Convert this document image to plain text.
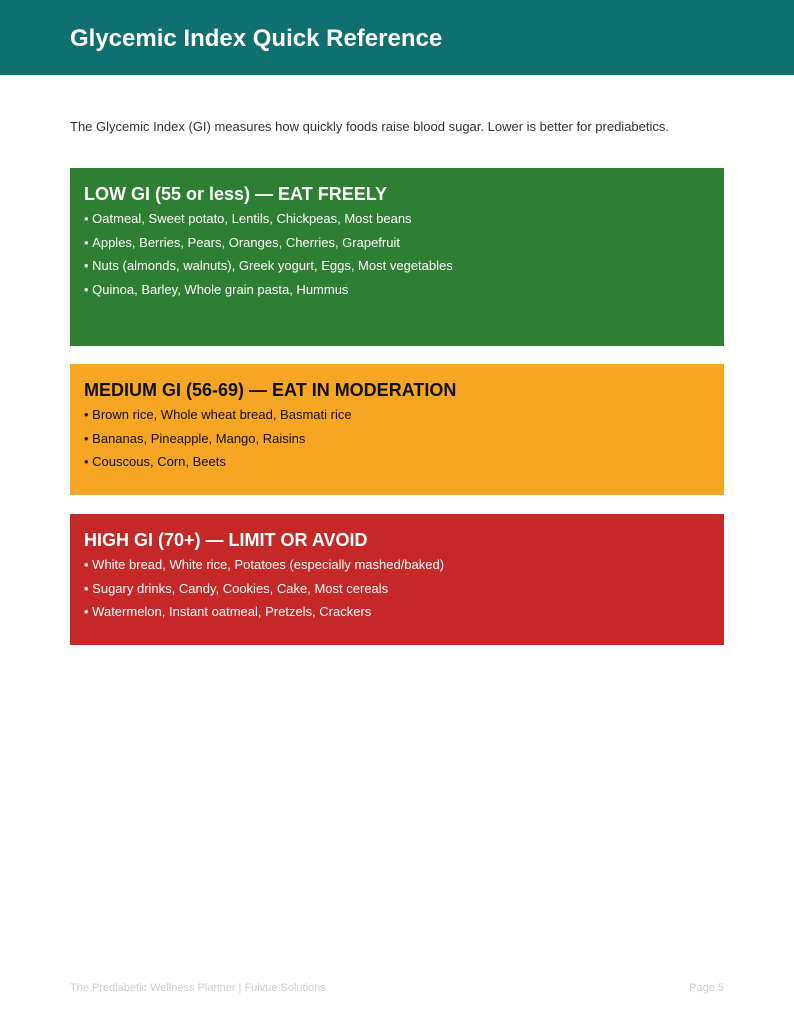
Glycemic Index Quick Reference

The Glycemic Index (GI) measures how quickly foods raise blood sugar. Lower is better for prediabetics.

LOW GI (55 or less) — EAT FREELY
• Oatmeal, Sweet potato, Lentils, Chickpeas, Most beans
• Apples, Berries, Pears, Oranges, Cherries, Grapefruit
• Nuts (almonds, walnuts), Greek yogurt, Eggs, Most vegetables
• Quinoa, Barley, Whole grain pasta, Hummus
MEDIUM GI (56-69) — EAT IN MODERATION
• Brown rice, Whole wheat bread, Basmati rice
• Bananas, Pineapple, Mango, Raisins
• Couscous, Corn, Beets
HIGH GI (70+) — LIMIT OR AVOID
• White bread, White rice, Potatoes (especially mashed/baked)
• Sugary drinks, Candy, Cookies, Cake, Most cereals
• Watermelon, Instant oatmeal, Pretzels, Crackers
The Prediabetic Wellness Planner | Fulvue Solutions	Page 5
